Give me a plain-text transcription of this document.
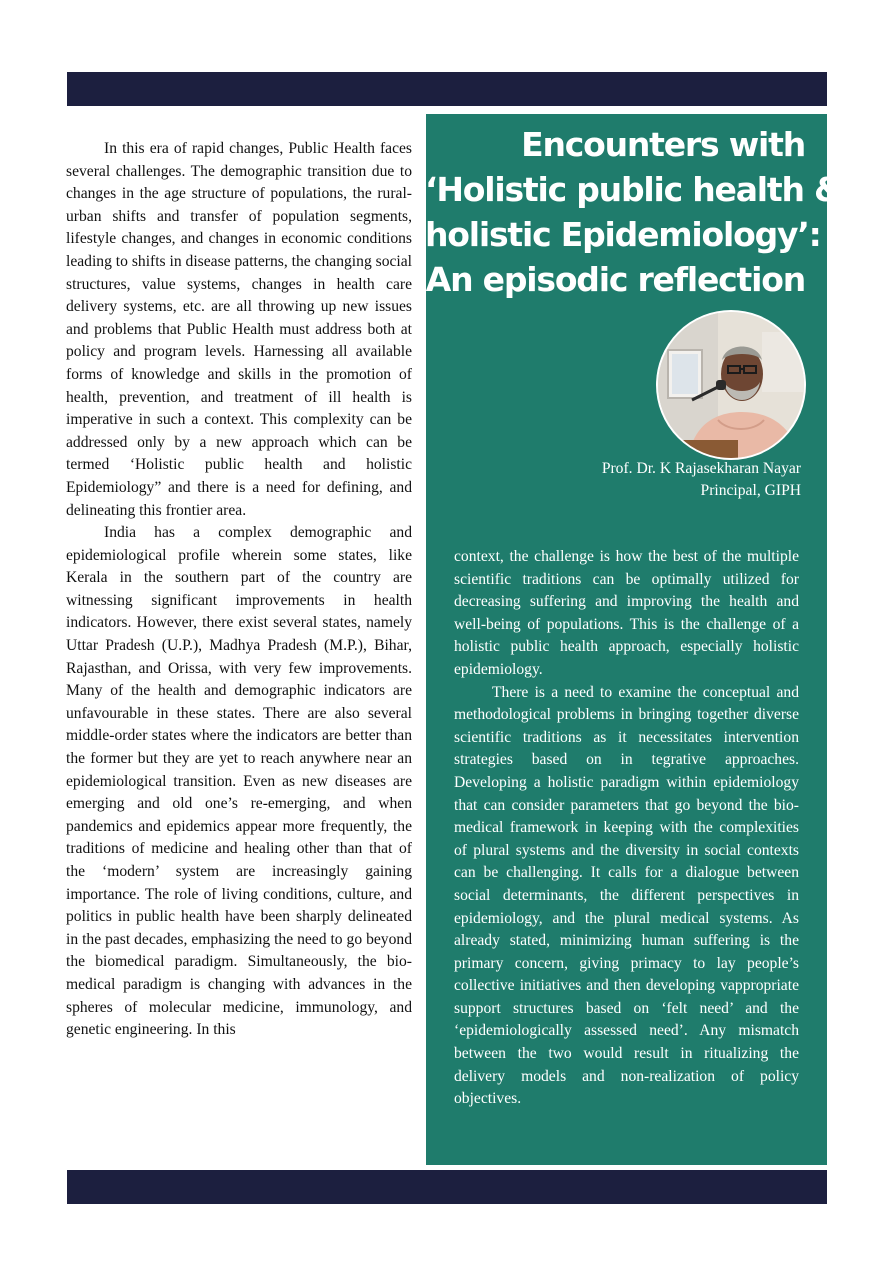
In this era of rapid changes, Public Health faces several challenges. The demographic transition due to changes in the age structure of populations, the rural-urban shifts and transfer of population segments, lifestyle changes, and changes in economic conditions leading to shifts in disease patterns, the changing social structures, value systems, changes in health care delivery systems, etc. are all throwing up new issues and problems that Public Health must address both at policy and program levels. Harnessing all available forms of knowledge and skills in the promotion of health, prevention, and treatment of ill health is imperative in such a context. This complexity can be addressed only by a new approach which can be termed ‘Holistic public health and holistic Epidemiology” and there is a need for defining, and delineating this frontier area.

India has a complex demographic and epidemiological profile wherein some states, like Kerala in the southern part of the country are witnessing significant improvements in health indicators. However, there exist several states, namely Uttar Pradesh (U.P.), Madhya Pradesh (M.P.), Bihar, Rajasthan, and Orissa, with very few improvements. Many of the health and demographic indicators are unfavourable in these states. There are also several middle-order states where the indicators are better than the former but they are yet to reach anywhere near an epidemiological transition. Even as new diseases are emerging and old one’s re-emerging, and when pandemics and epidemics appear more frequently, the traditions of medicine and healing other than that of the ‘modern’ system are increasingly gaining importance. The role of living conditions, culture, and politics in public health have been sharply delineated in the past decades, emphasizing the need to go beyond the biomedical paradigm. Simultaneously, the bio-medical paradigm is changing with advances in the spheres of molecular medicine, immunology, and genetic engineering. In this

Encounters with
‘Holistic public health &
holistic Epidemiology’:
An episodic reflection
Prof. Dr. K Rajasekharan Nayar
Principal, GIPH

context, the challenge is how the best of the multiple scientific traditions can be optimally utilized for decreasing suffering and improving the health and well-being of populations. This is the challenge of a holistic public health approach, especially holistic epidemiology.

There is a need to examine the conceptual and methodological problems in bringing together diverse scientific traditions as it necessitates intervention strategies based on in tegrative approaches. Developing a holistic paradigm within epidemiology that can consider parameters that go beyond the bio-medical framework in keeping with the complexities of plural systems and the diversity in social contexts can be challenging. It calls for a dialogue between social determinants, the different perspectives in epidemiology, and the plural medical systems. As already stated, minimizing human suffering is the primary concern, giving primacy to lay people’s collective initiatives and then developing vappropriate support structures based on ‘felt need’ and the ‘epidemiologically assessed need’. Any mismatch between the two would result in ritualizing the delivery models and non-realization of policy objectives.
